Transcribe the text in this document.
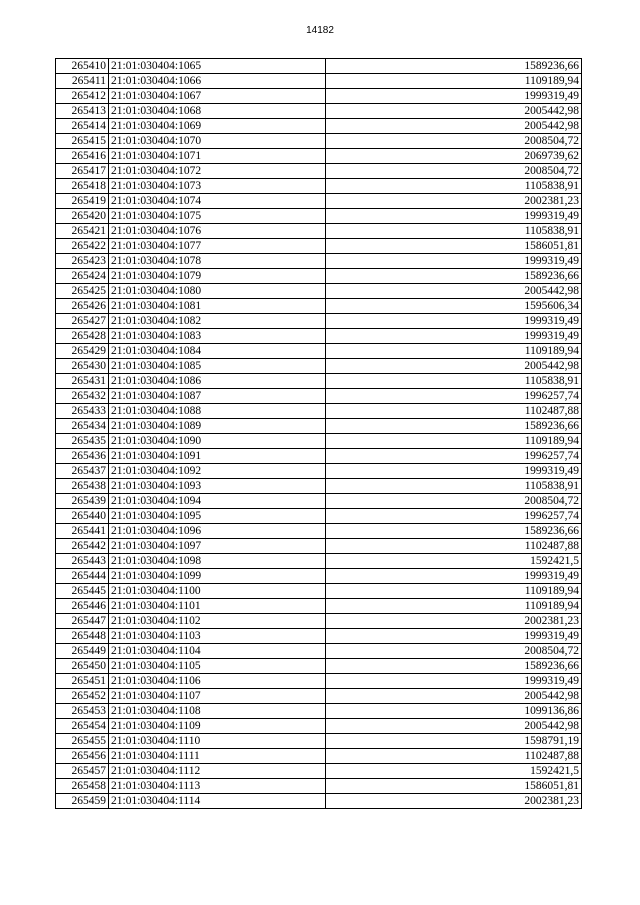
14182
265410	21:01:030404:1065	1589236,66
265411	21:01:030404:1066	1109189,94
265412	21:01:030404:1067	1999319,49
265413	21:01:030404:1068	2005442,98
265414	21:01:030404:1069	2005442,98
265415	21:01:030404:1070	2008504,72
265416	21:01:030404:1071	2069739,62
265417	21:01:030404:1072	2008504,72
265418	21:01:030404:1073	1105838,91
265419	21:01:030404:1074	2002381,23
265420	21:01:030404:1075	1999319,49
265421	21:01:030404:1076	1105838,91
265422	21:01:030404:1077	1586051,81
265423	21:01:030404:1078	1999319,49
265424	21:01:030404:1079	1589236,66
265425	21:01:030404:1080	2005442,98
265426	21:01:030404:1081	1595606,34
265427	21:01:030404:1082	1999319,49
265428	21:01:030404:1083	1999319,49
265429	21:01:030404:1084	1109189,94
265430	21:01:030404:1085	2005442,98
265431	21:01:030404:1086	1105838,91
265432	21:01:030404:1087	1996257,74
265433	21:01:030404:1088	1102487,88
265434	21:01:030404:1089	1589236,66
265435	21:01:030404:1090	1109189,94
265436	21:01:030404:1091	1996257,74
265437	21:01:030404:1092	1999319,49
265438	21:01:030404:1093	1105838,91
265439	21:01:030404:1094	2008504,72
265440	21:01:030404:1095	1996257,74
265441	21:01:030404:1096	1589236,66
265442	21:01:030404:1097	1102487,88
265443	21:01:030404:1098	1592421,5
265444	21:01:030404:1099	1999319,49
265445	21:01:030404:1100	1109189,94
265446	21:01:030404:1101	1109189,94
265447	21:01:030404:1102	2002381,23
265448	21:01:030404:1103	1999319,49
265449	21:01:030404:1104	2008504,72
265450	21:01:030404:1105	1589236,66
265451	21:01:030404:1106	1999319,49
265452	21:01:030404:1107	2005442,98
265453	21:01:030404:1108	1099136,86
265454	21:01:030404:1109	2005442,98
265455	21:01:030404:1110	1598791,19
265456	21:01:030404:1111	1102487,88
265457	21:01:030404:1112	1592421,5
265458	21:01:030404:1113	1586051,81
265459	21:01:030404:1114	2002381,23
